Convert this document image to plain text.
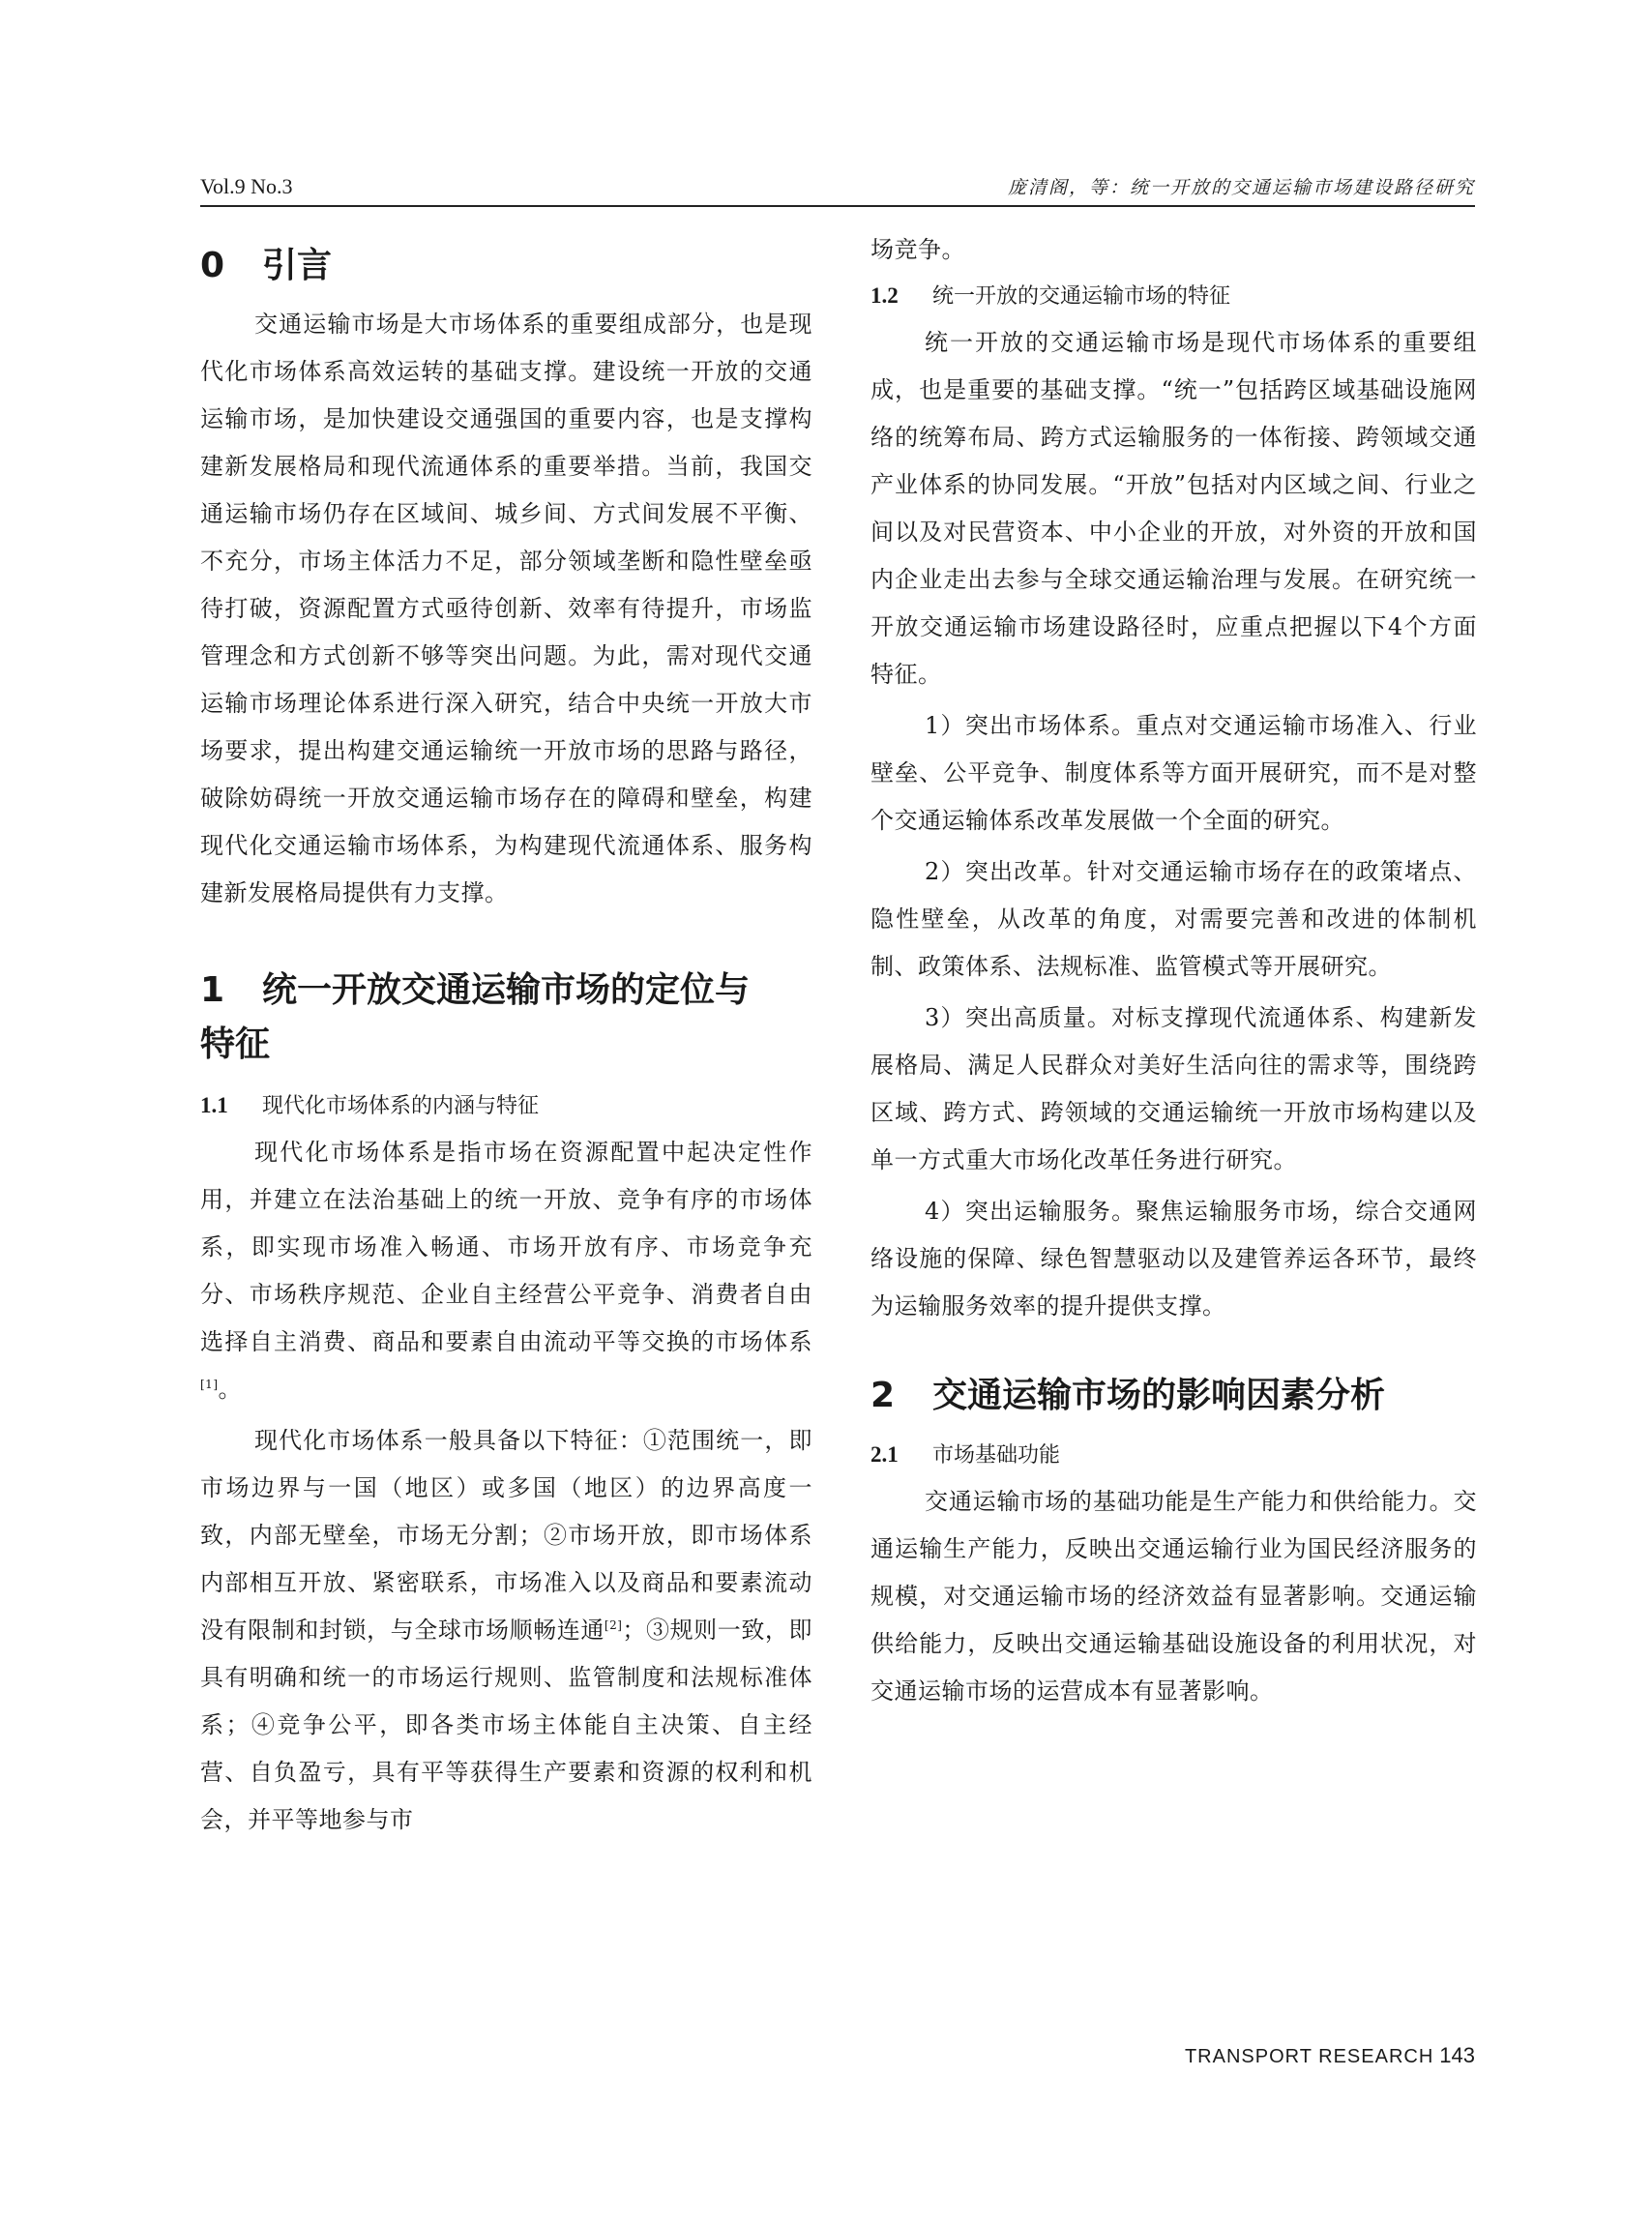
Vol.9 No.3	庞清阁，等：统一开放的交通运输市场建设路径研究
0 引言

交通运输市场是大市场体系的重要组成部分，也是现代化市场体系高效运转的基础支撑。建设统一开放的交通运输市场，是加快建设交通强国的重要内容，也是支撑构建新发展格局和现代流通体系的重要举措。当前，我国交通运输市场仍存在区域间、城乡间、方式间发展不平衡、不充分，市场主体活力不足，部分领域垄断和隐性壁垒亟待打破，资源配置方式亟待创新、效率有待提升，市场监管理念和方式创新不够等突出问题。为此，需对现代交通运输市场理论体系进行深入研究，结合中央统一开放大市场要求，提出构建交通运输统一开放市场的思路与路径，破除妨碍统一开放交通运输市场存在的障碍和壁垒，构建现代化交通运输市场体系，为构建现代流通体系、服务构建新发展格局提供有力支撑。

1 统一开放交通运输市场的定位与
特征
1.1 现代化市场体系的内涵与特征

现代化市场体系是指市场在资源配置中起决定性作用，并建立在法治基础上的统一开放、竞争有序的市场体系，即实现市场准入畅通、市场开放有序、市场竞争充分、市场秩序规范、企业自主经营公平竞争、消费者自由选择自主消费、商品和要素自由流动平等交换的市场体系[1]。

现代化市场体系一般具备以下特征：①范围统一，即市场边界与一国（地区）或多国（地区）的边界高度一致，内部无壁垒，市场无分割；②市场开放，即市场体系内部相互开放、紧密联系，市场准入以及商品和要素流动没有限制和封锁，与全球市场顺畅连通[2]；③规则一致，即具有明确和统一的市场运行规则、监管制度和法规标准体系；④竞争公平，即各类市场主体能自主决策、自主经营、自负盈亏，具有平等获得生产要素和资源的权利和机会，并平等地参与市

场竞争。

1.2 统一开放的交通运输市场的特征

统一开放的交通运输市场是现代市场体系的重要组成，也是重要的基础支撑。“统一”包括跨区域基础设施网络的统筹布局、跨方式运输服务的一体衔接、跨领域交通产业体系的协同发展。“开放”包括对内区域之间、行业之间以及对民营资本、中小企业的开放，对外资的开放和国内企业走出去参与全球交通运输治理与发展。在研究统一开放交通运输市场建设路径时，应重点把握以下4个方面特征。

1）突出市场体系。重点对交通运输市场准入、行业壁垒、公平竞争、制度体系等方面开展研究，而不是对整个交通运输体系改革发展做一个全面的研究。

2）突出改革。针对交通运输市场存在的政策堵点、隐性壁垒，从改革的角度，对需要完善和改进的体制机制、政策体系、法规标准、监管模式等开展研究。

3）突出高质量。对标支撑现代流通体系、构建新发展格局、满足人民群众对美好生活向往的需求等，围绕跨区域、跨方式、跨领域的交通运输统一开放市场构建以及单一方式重大市场化改革任务进行研究。

4）突出运输服务。聚焦运输服务市场，综合交通网络设施的保障、绿色智慧驱动以及建管养运各环节，最终为运输服务效率的提升提供支撑。

2 交通运输市场的影响因素分析
2.1 市场基础功能

交通运输市场的基础功能是生产能力和供给能力。交通运输生产能力，反映出交通运输行业为国民经济服务的规模，对交通运输市场的经济效益有显著影响。交通运输供给能力，反映出交通运输基础设施设备的利用状况，对交通运输市场的运营成本有显著影响。

TRANSPORT RESEARCH 143
